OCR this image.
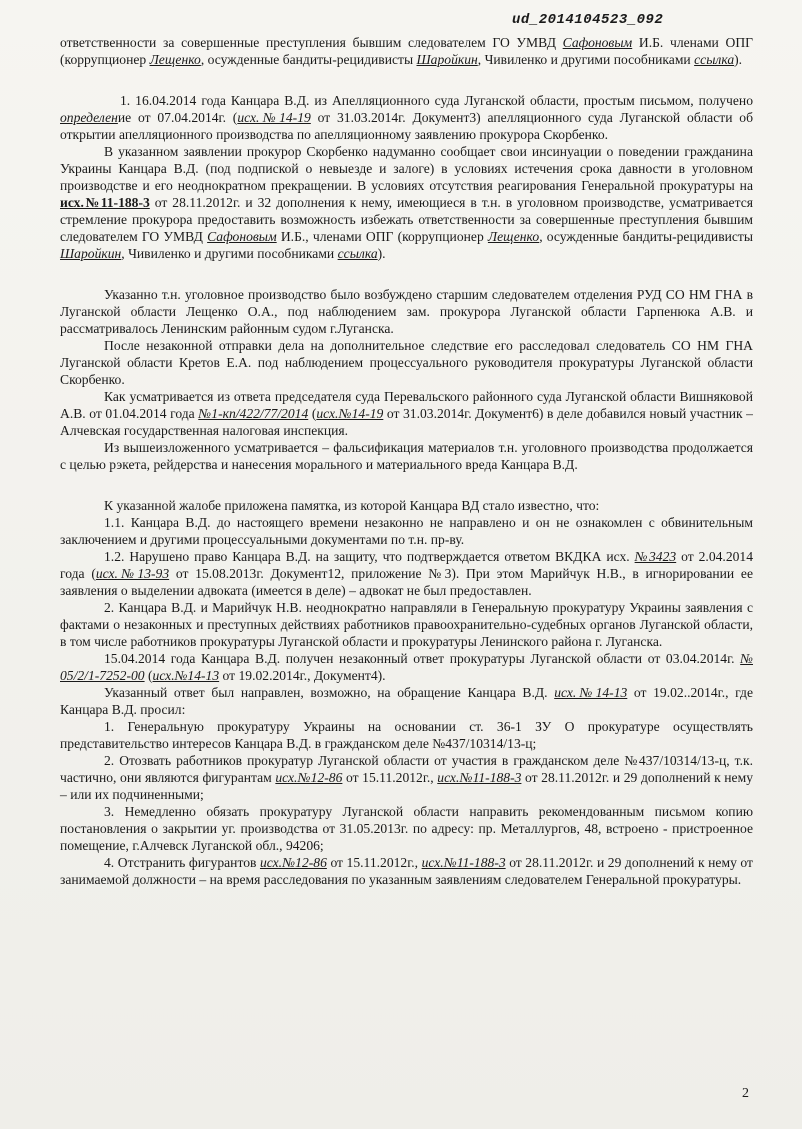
ud_2014104523_092

ответственности за совершенные преступления бывшим следователем ГО УМВД Сафоновым И.Б. членами ОПГ (коррупционер Лещенко, осужденные бандиты-рецидивисты Шаройкин, Чивиленко и другими пособниками ссылка).

1. 16.04.2014 года Канцара В.Д. из Апелляционного суда Луганской области, простым письмом, получено определение от 07.04.2014г. (исх.№14-19 от 31.03.2014г. Документ3) апелляционного суда Луганской области об открытии апелляционного производства по апелляционному заявлению прокурора Скорбенко.

В указанном заявлении прокурор Скорбенко надуманно сообщает свои инсинуации о поведении гражданина Украины Канцара В.Д. (под подпиской о невыезде и залоге) в условиях истечения срока давности в уголовном производстве и его неоднократном прекращении. В условиях отсутствия реагирования Генеральной прокуратуры на исх.№11-188-3 от 28.11.2012г. и 32 дополнения к нему, имеющиеся в т.н. в уголовном производстве, усматривается стремление прокурора предоставить возможность избежать ответственности за совершенные преступления бывшим следователем ГО УМВД Сафоновым И.Б., членами ОПГ (коррупционер Лещенко, осужденные бандиты-рецидивисты Шаройкин, Чивиленко и другими пособниками ссылка).

Указанно т.н. уголовное производство было возбуждено старшим следователем отделения РУД СО НМ ГНА в Луганской области Лещенко О.А., под наблюдением зам. прокурора Луганской области Гарпенюка А.В. и рассматривалось Ленинским районным судом г.Луганска.

После незаконной отправки дела на дополнительное следствие его расследовал следователь СО НМ ГНА Луганской области Кретов Е.А. под наблюдением процессуального руководителя прокуратуры Луганской области Скорбенко.

Как усматривается из ответа председателя суда Перевальского районного суда Луганской области Вишняковой А.В. от 01.04.2014 года №1-кп/422/77/2014 (исх.№14-19 от 31.03.2014г. Документ6) в деле добавился новый участник – Алчевская государственная налоговая инспекция.

Из вышеизложенного усматривается – фальсификация материалов т.н. уголовного производства продолжается с целью рэкета, рейдерства и нанесения морального и материального вреда Канцара В.Д.

К указанной жалобе приложена памятка, из которой Канцара ВД стало известно, что:

1.1. Канцара В.Д. до настоящего времени незаконно не направлено и он не ознакомлен с обвинительным заключением и другими процессуальными документами по т.н. пр-ву.

1.2. Нарушено право Канцара В.Д. на защиту, что подтверждается ответом ВКДКА исх. №3423 от 2.04.2014 года (исх.№13-93 от 15.08.2013г. Документ12, приложение №3). При этом Марийчук Н.В., в игнорировании ее заявления о выделении адвоката (имеется в деле) – адвокат не был предоставлен.

2. Канцара В.Д. и Марийчук Н.В. неоднократно направляли в Генеральную прокуратуру Украины заявления с фактами о незаконных и преступных действиях работников правоохранительно-судебных органов Луганской области, в том числе работников прокуратуры Луганской области и прокуратуры Ленинского района г. Луганска.

15.04.2014 года Канцара В.Д. получен незаконный ответ прокуратуры Луганской области от 03.04.2014г. № 05/2/1-7252-00 (исх.№14-13 от 19.02.2014г., Документ4).

Указанный ответ был направлен, возможно, на обращение Канцара В.Д. исх.№14-13 от 19.02..2014г., где Канцара В.Д. просил:

1. Генеральную прокуратуру Украины на основании ст. 36-1 ЗУ О прокуратуре осуществлять представительство интересов Канцара В.Д. в гражданском деле №437/10314/13-ц;

2. Отозвать работников прокуратур Луганской области от участия в гражданском деле №437/10314/13-ц, т.к. частично, они являются фигурантам исх.№12-86 от 15.11.2012г., исх.№11-188-3 от 28.11.2012г. и 29 дополнений к нему – или их подчиненными;

3. Немедленно обязать прокуратуру Луганской области направить рекомендованным письмом копию постановления о закрытии уг. производства от 31.05.2013г. по адресу: пр. Металлургов, 48, встроено - пристроенное помещение, г.Алчевск Луганской обл., 94206;

4. Отстранить фигурантов исх.№12-86 от 15.11.2012г., исх.№11-188-3 от 28.11.2012г. и 29 дополнений к нему от занимаемой должности – на время расследования по указанным заявлениям следователем Генеральной прокуратуры.

2
